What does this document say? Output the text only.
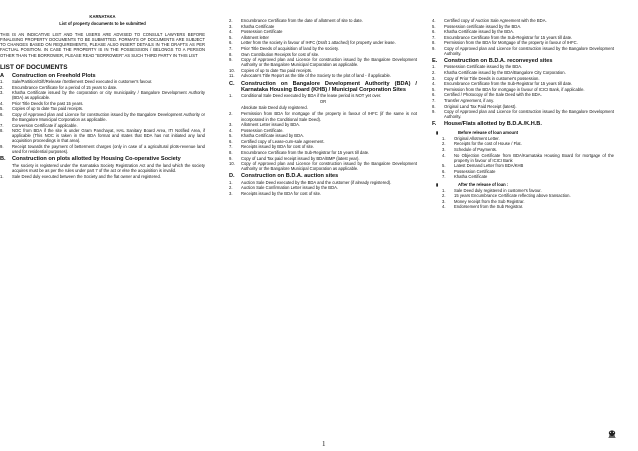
KARNATAKA
List of property documents to be submitted
THIS IS AN INDICATIVE LIST AND THE USERS ARE ADVISED TO CONSULT LAWYERS BEFORE FINALISING PROPERTY DOCUMENTS TO BE SUBMITTED. FORMATS OF DOCUMENTS ARE SUBJECT TO CHANGES BASED ON REQUIREMENTS, PLEASE ALSO INSERT DETAILS IN THE DRAFTS AS PER FACTUAL POSITION. IN CASE THE PROPERTY IS IN THE POSSESSION / BELONGS TO A PERSON OTHER THAN THE BORROWER, PLEASE READ "BORROWER" AS SUCH THIRD PARTY IN THIS LIST
LIST OF DOCUMENTS
A	Construction on Freehold Plots
1.	Sale/Partition/Gift/Release /Settlement Deed executed in customer's favour.
2.	Encumbrance Certificate for a period of 15 years to date.
3.	Khatha Certificate issued by the corporation or city municipality / Bangalore Development Authority (BDA) as applicable.
4.	Prior Title Deeds for the past 15 years.
5.	Copies of up to date Tax paid receipts.
6.	Copy of Approved plan and Licence for construction issued by the Bangalore Development Authority or the Bangalore Municipal Corporation as applicable.
7.	Conversion Certificate if applicable.
8.	NOC from BDA if the site is under Gram Panchayat, HAL Sanitary Board Area, ITI Notified Area, if applicable (This NOC is taken in the BDA format and states that BDA has not initiated any land acquisition proceedings in that area).
9.	Receipt towards the payment of betterment charges (only in case of a agricultural plots-revenue land used for residential purposes).
B.	Construction on plots allotted by Housing Co-operative Society
The society is registered under the Karnataka Society Registration Act and the land which the society acquires must be as per the rules under part 7 of the act or else the acquisition is invalid.
1.	Sale Deed duly executed between the Society and the flat owner and registered.
2.	Encumbrance Certificate from the date of allotment of site to date.
3.	Khatha Certificate
4.	Possession Certificate
5.	Allotment letter
6.	Letter from the society in favour of IHFC (Draft 1 attached) for property under lease.
7.	Prior Title Deeds of acquisition of land by the society.
8.	Own Contribution Receipts for cost of site.
9.	Copy of Approved plan and Licence for construction issued by the Bangalore Development Authority or the Bangalore Municipal Corporation as applicable.
10.	Copies of up to date Tax paid receipts.
11.	Advocate's Title Report as the title of the Society to the plot of land - if applicable.
C.	Construction on Bangalore Development Authority (BDA) / Karnataka Housing Board (KHB) / Municipal Corporation Sites
1.	Conditional Sale Deed executed by BDA if the lease period is NOT yet over.
OR
Absolute Sale Deed duly registered.
2.	Permission from BDA for mortgage of the property in favour of IHFC (if the same is not incorporated in the Conditional Sale Deed).
3.	Allotment Letter issued by BDA.
4.	Possession Certificate.
5.	Khatha Certificate issued by BDA.
6.	Certified copy of Lease-cum-sale agreement.
7.	Receipts issued by BDA for cost of site.
8.	Encumbrance Certificate from the Sub-Registrar for 15 years till date.
9.	Copy of Land Tax paid receipt issued by BDA/BMP (latest year).
10.	Copy of Approved plan and Licence for construction issued by the Bangalore Development Authority or the Bangalore Municipal Corporation as applicable.
D.	Construction on B.D.A. auction sites
1.	Auction Sale Deed executed by the BDA and the customer (if already registered).
2.	Auction Sale Confirmation Letter issued by the BDA.
3.	Receipts issued by the BDA for cost of site.
4.	Certified copy of Auction Sale Agreement with the BDA.
5.	Possession certificate issued by the BDA.
6.	Khatha Certificate issued by the BDA.
7.	Encumbrance Certificate from the Sub-Registrar for 15 years till date.
8.	Permission from the BDA for Mortgage of the property in favour of IHFC.
9.	Copy of Approved plan and Licence for construction issued by the Bangalore Development Authority.
E.	Construction on B.D.A. reconveyed sites
1.	Possession Certificate issued by the BDA.
2.	Khatha Certificate issued by the BDA/Bangalore City Corporation.
3.	Copy of Prior Title Deeds in customer's possession.
4.	Encumbrance Certificate from the Sub-Registrar for 15 years till date.
5.	Permission from the BDA for mortgage in favour of ICICI Bank, if applicable.
6.	Certified / Photocopy of the Sale Deed with the BDA.
7.	Transfer Agreement, if any.
8.	Original Land Tax Paid Receipt (latest).
9.	Copy of Approved plan and Licence for construction issued by the Bangalore Development Authority.
F.	House/Flats allotted by B.D.A./K.H.B.
▮	Before release of loan amount
1.	Original Allotment Letter.
2.	Receipts for the cost of House / Flat.
3.	Schedule of Payments.
4.	No Objection Certificate from BDA/Karnataka Housing Board for mortgage of the property in favour of ICICI Bank
5.	Latest Demand Letter from BDA/KHB
6.	Possession Certificate
7.	Khatha Certificate
▮	After the release of loan :
1.	Sale Deed duly registered in customer's favour.
2.	15 years Encumbrance Certificate reflecting above transaction.
3.	Money receipt from the Sub Registrar.
4.	Endorsement from the Sub Registrar.
1
